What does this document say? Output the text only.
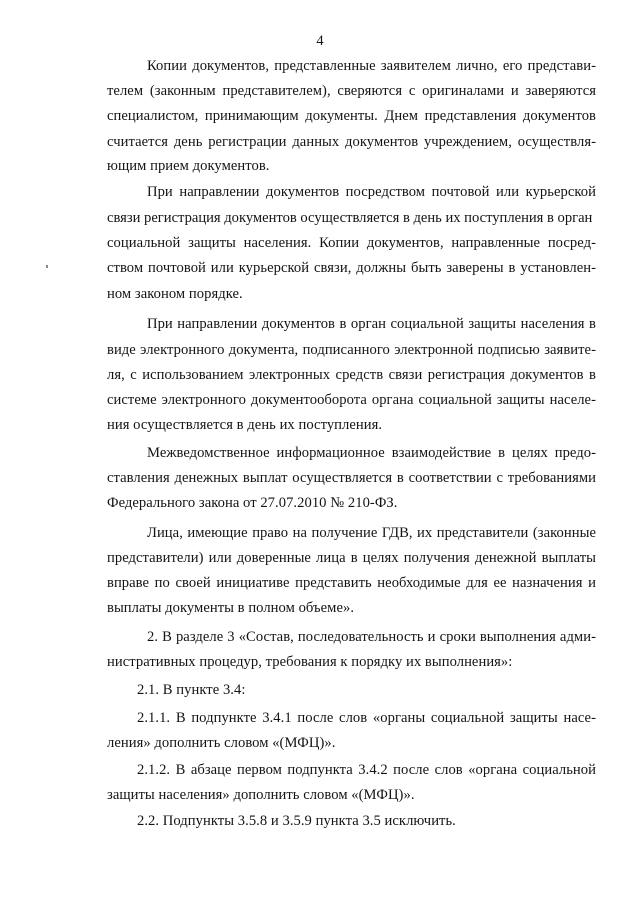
4
Копии документов, представленные заявителем лично, его представи-
телем (законным представителем), сверяются с оригиналами и заверяются
специалистом, принимающим документы. Днем представления документов
считается день регистрации данных документов учреждением, осуществля-
ющим прием документов.
При направлении документов посредством почтовой или курьерской
связи регистрация документов осуществляется в день их поступления в орган
социальной защиты населения. Копии документов, направленные посред-
ством почтовой или курьерской связи, должны быть заверены в установлен-
ном законом порядке.
При направлении документов в орган социальной защиты населения в
виде электронного документа, подписанного электронной подписью заявите-
ля, с использованием электронных средств связи регистрация документов в
системе электронного документооборота органа социальной защиты населе-
ния осуществляется в день их поступления.
Межведомственное информационное взаимодействие в целях предо-
ставления денежных выплат осуществляется в соответствии с требованиями
Федерального закона от 27.07.2010 № 210-ФЗ.
Лица, имеющие право на получение ГДВ, их представители (законные
представители) или доверенные лица в целях получения денежной выплаты
вправе по своей инициативе представить необходимые для ее назначения и
выплаты документы в полном объеме».
2. В разделе 3 «Состав, последовательность и сроки выполнения адми-
нистративных процедур, требования к порядку их выполнения»:
2.1. В пункте 3.4:
2.1.1. В подпункте 3.4.1 после слов «органы социальной защиты насе-
ления» дополнить словом «(МФЦ)».
2.1.2. В абзаце первом подпункта 3.4.2 после слов «органа социальной
защиты населения» дополнить словом «(МФЦ)».
2.2. Подпункты 3.5.8 и 3.5.9 пункта 3.5 исключить.
